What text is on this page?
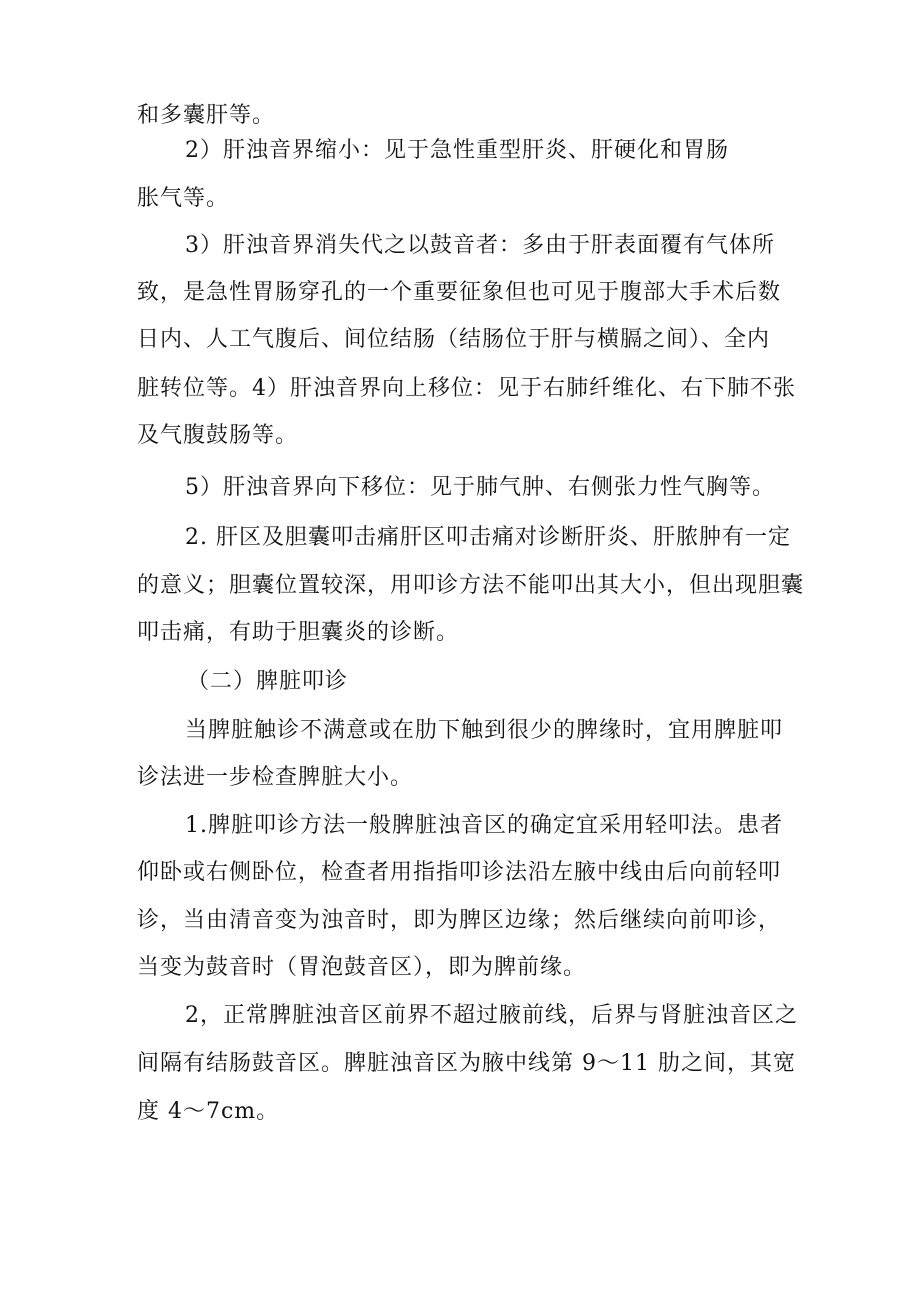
和多囊肝等。
2）肝浊音界缩小：见于急性重型肝炎、肝硬化和胃肠
胀气等。
3）肝浊音界消失代之以鼓音者：多由于肝表面覆有气体所
致，是急性胃肠穿孔的一个重要征象但也可见于腹部大手术后数
日内、人工气腹后、间位结肠（结肠位于肝与横膈之间）、全内
脏转位等。4）肝浊音界向上移位：见于右肺纤维化、右下肺不张
及气腹鼓肠等。
5）肝浊音界向下移位：见于肺气肿、右侧张力性气胸等。
2. 肝区及胆囊叩击痛肝区叩击痛对诊断肝炎、肝脓肿有一定
的意义；胆囊位置较深，用叩诊方法不能叩出其大小，但出现胆囊
叩击痛，有助于胆囊炎的诊断。
（二）脾脏叩诊
当脾脏触诊不满意或在肋下触到很少的脾缘时，宜用脾脏叩
诊法进一步检查脾脏大小。
1.脾脏叩诊方法一般脾脏浊音区的确定宜采用轻叩法。患者
仰卧或右侧卧位，检查者用指指叩诊法沿左腋中线由后向前轻叩
诊，当由清音变为浊音时，即为脾区边缘；然后继续向前叩诊，
当变为鼓音时（胃泡鼓音区），即为脾前缘。
2，正常脾脏浊音区前界不超过腋前线，后界与肾脏浊音区之
间隔有结肠鼓音区。脾脏浊音区为腋中线第 9～11 肋之间，其宽
度 4～7cm。
